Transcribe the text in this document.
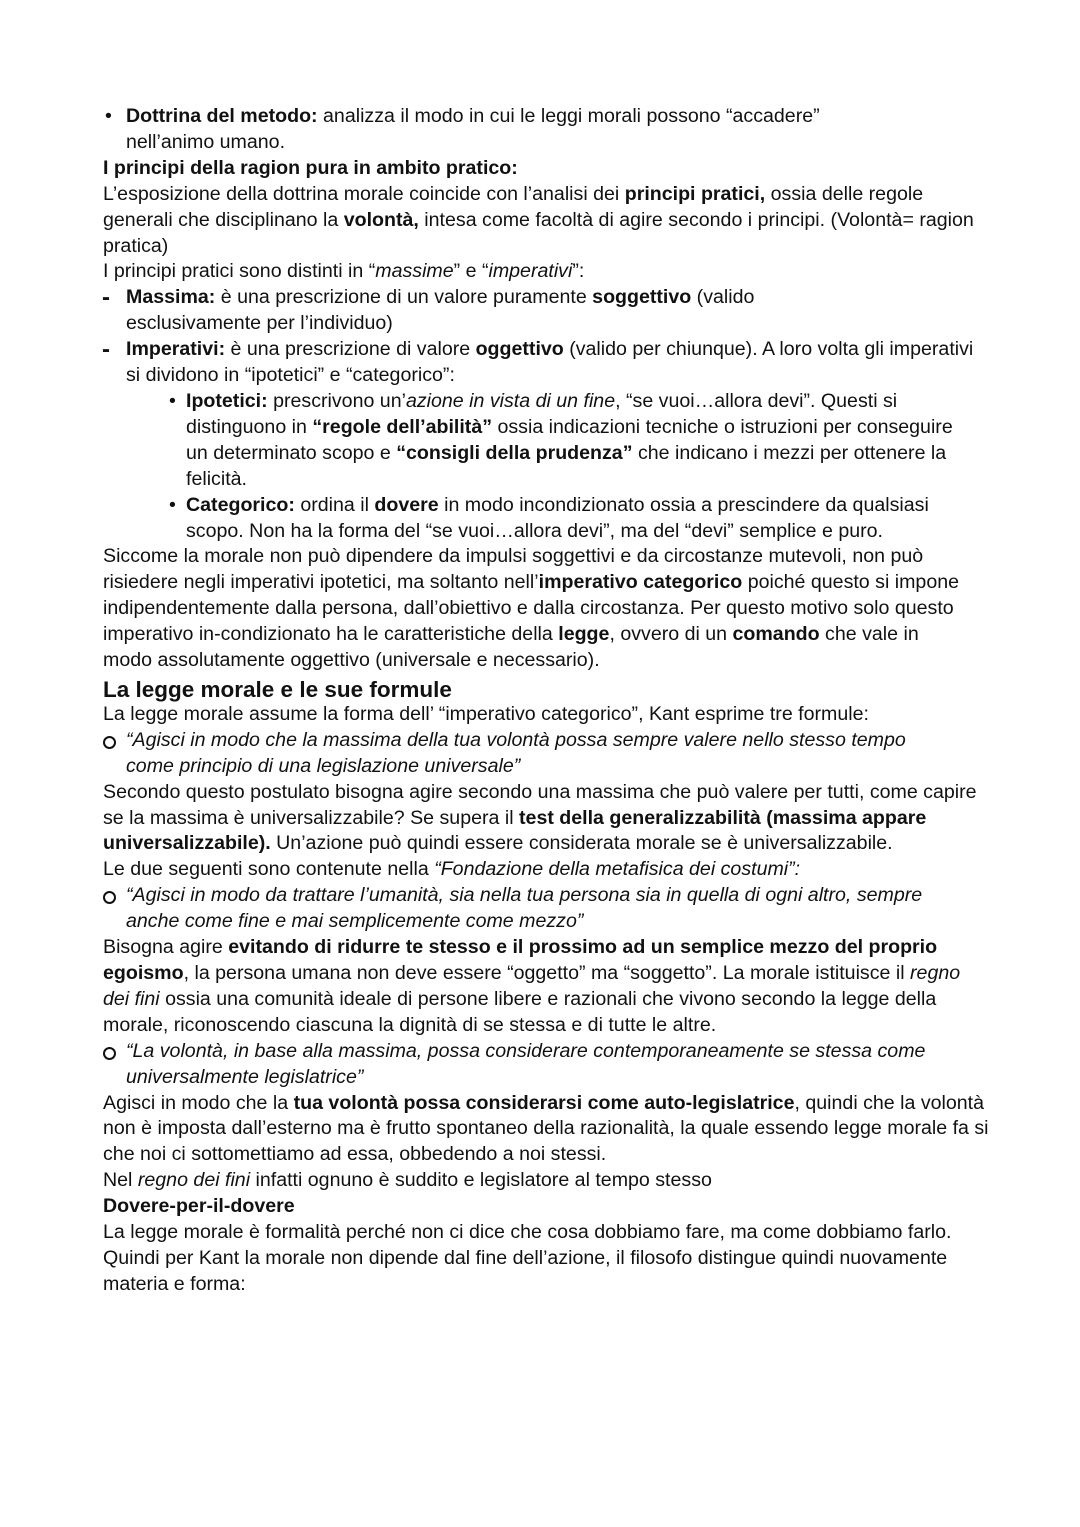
• Dottrina del metodo: analizza il modo in cui le leggi morali possono “accadere” nell’animo umano.

I principi della ragion pura in ambito pratico:

L’esposizione della dottrina morale coincide con l’analisi dei principi pratici, ossia delle regole generali che disciplinano la volontà, intesa come facoltà di agire secondo i principi. (Volontà= ragion pratica)

I principi pratici sono distinti in “massime” e “imperativi”:

- Massima: è una prescrizione di un valore puramente soggettivo (valido esclusivamente per l’individuo)

- Imperativi: è una prescrizione di valore oggettivo (valido per chiunque). A loro volta gli imperativi si dividono in “ipotetici” e “categorico”:

• Ipotetici: prescrivono un’azione in vista di un fine, “se vuoi…allora devi”. Questi si distinguono in “regole dell’abilità” ossia indicazioni tecniche o istruzioni per conseguire un determinato scopo e “consigli della prudenza” che indicano i mezzi per ottenere la felicità.

• Categorico: ordina il dovere in modo incondizionato ossia a prescindere da qualsiasi scopo. Non ha la forma del “se vuoi…allora devi”, ma del “devi” semplice e puro.

Siccome la morale non può dipendere da impulsi soggettivi e da circostanze mutevoli, non può risiedere negli imperativi ipotetici, ma soltanto nell’imperativo categorico poiché questo si impone indipendentemente dalla persona, dall’obiettivo e dalla circostanza. Per questo motivo solo questo imperativo in-condizionato ha le caratteristiche della legge, ovvero di un comando che vale in modo assolutamente oggettivo (universale e necessario).

La legge morale e le sue formule

La legge morale assume la forma dell’ “imperativo categorico”, Kant esprime tre formule:

“Agisci in modo che la massima della tua volontà possa sempre valere nello stesso tempo come principio di una legislazione universale”

Secondo questo postulato bisogna agire secondo una massima che può valere per tutti, come capire se la massima è universalizzabile? Se supera il test della generalizzabilità (massima appare universalizzabile). Un’azione può quindi essere considerata morale se è universalizzabile.

Le due seguenti sono contenute nella “Fondazione della metafisica dei costumi”:

“Agisci in modo da trattare l’umanità, sia nella tua persona sia in quella di ogni altro, sempre anche come fine e mai semplicemente come mezzo”

Bisogna agire evitando di ridurre te stesso e il prossimo ad un semplice mezzo del proprio egoismo, la persona umana non deve essere “oggetto” ma “soggetto”. La morale istituisce il regno dei fini ossia una comunità ideale di persone libere e razionali che vivono secondo la legge della morale, riconoscendo ciascuna la dignità di se stessa e di tutte le altre.

“La volontà, in base alla massima, possa considerare contemporaneamente se stessa come universalmente legislatrice”

Agisci in modo che la tua volontà possa considerarsi come auto-legislatrice, quindi che la volontà non è imposta dall’esterno ma è frutto spontaneo della razionalità, la quale essendo legge morale fa si che noi ci sottomettiamo ad essa, obbedendo a noi stessi.

Nel regno dei fini infatti ognuno è suddito e legislatore al tempo stesso

Dovere-per-il-dovere

La legge morale è formalità perché non ci dice che cosa dobbiamo fare, ma come dobbiamo farlo. Quindi per Kant la morale non dipende dal fine dell’azione, il filosofo distingue quindi nuovamente materia e forma:
